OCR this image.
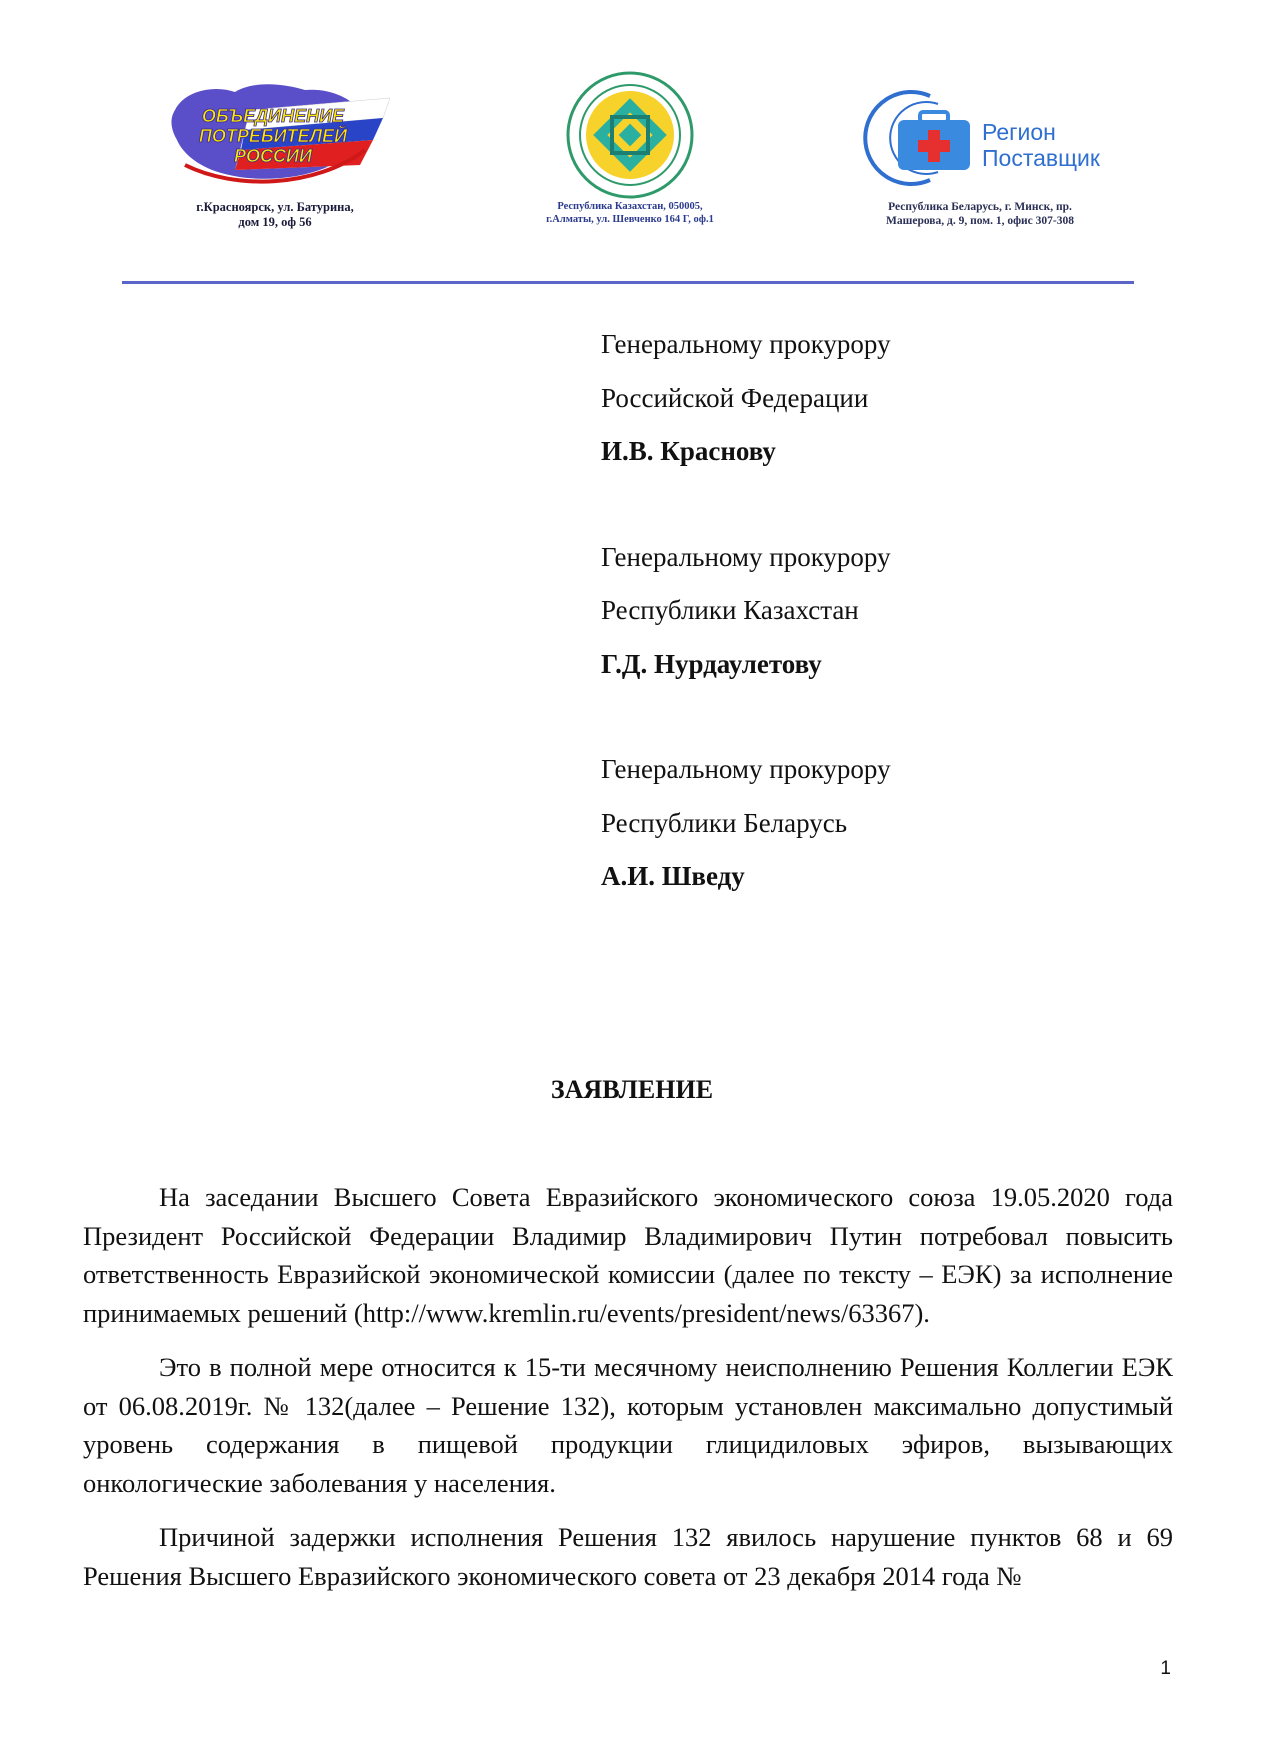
ОБЪЕДИНЕНИЕ
ПОТРЕБИТЕЛЕЙ
РОССИИ
г.Красноярск, ул. Батурина,
дом 19, оф 56
Республика Казахстан, 050005,
г.Алматы, ул. Шевченко 164 Г, оф.1
Регион
Поставщик
Республика Беларусь, г. Минск, пр.
Машерова, д. 9, пом. 1, офис 307-308
Генеральному прокурору
Российской Федерации
И.В. Краснову
Генеральному прокурору
Республики Казахстан
Г.Д. Нурдаулетову
Генеральному прокурору
Республики Беларусь
А.И. Шведу
ЗАЯВЛЕНИЕ

На заседании Высшего Совета Евразийского экономического союза 19.05.2020 года Президент Российской Федерации Владимир Владимирович Путин потребовал повысить ответственность Евразийской экономической комиссии (далее по тексту – ЕЭК) за исполнение принимаемых решений (http://www.kremlin.ru/events/president/news/63367).

Это в полной мере относится к 15-ти месячному неисполнению Решения Коллегии ЕЭК от 06.08.2019г. № 132(далее – Решение 132), которым установлен максимально допустимый уровень содержания в пищевой продукции глицидиловых эфиров, вызывающих онкологические заболевания у населения.

Причиной задержки исполнения Решения 132 явилось нарушение пунктов 68 и 69 Решения Высшего Евразийского экономического совета от 23 декабря 2014 года №

1
